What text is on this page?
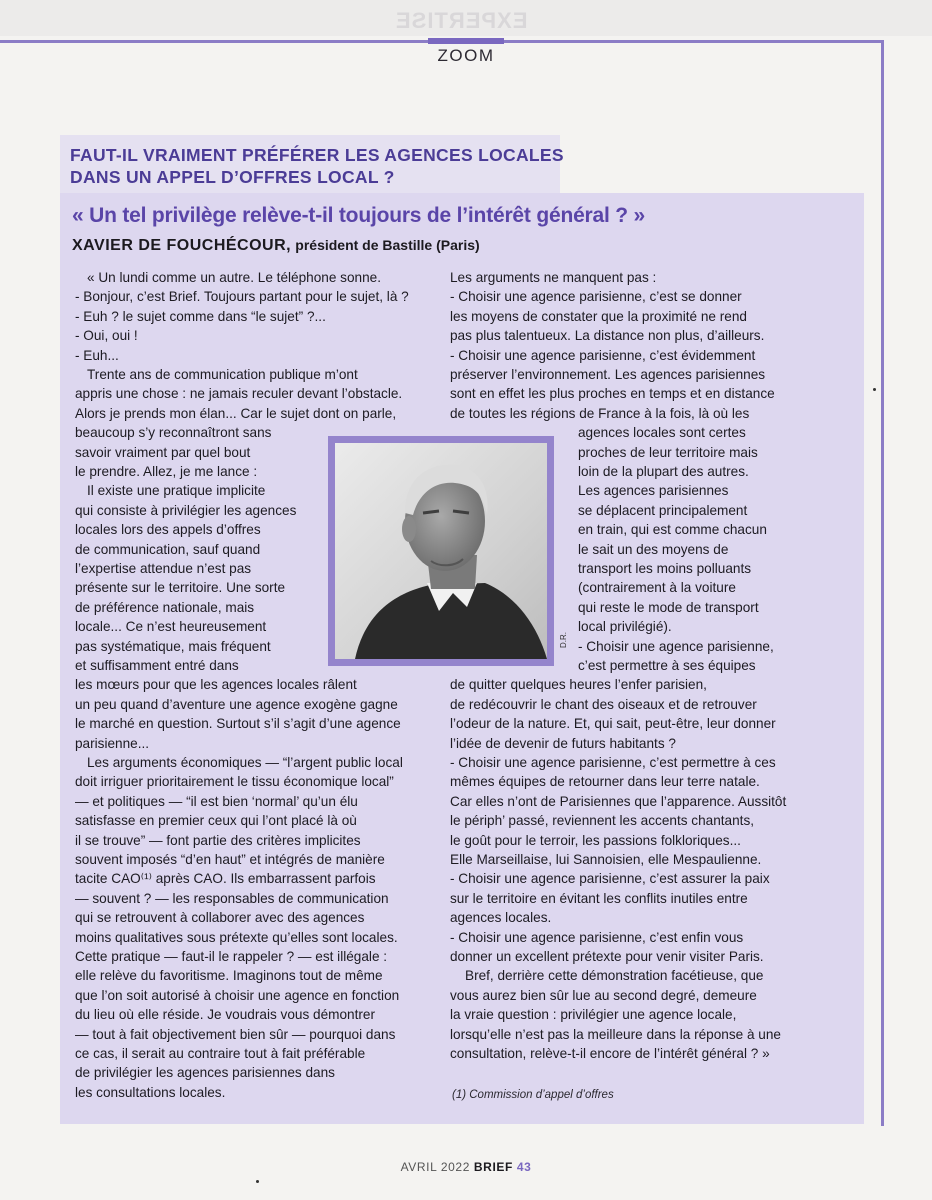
EXPERTISE
ZOOM
FAUT-IL VRAIMENT PRÉFÉRER LES AGENCES LOCALES
DANS UN APPEL D’OFFRES LOCAL ?
« Un tel privilège relève-t-il toujours de l’intérêt général ? »
XAVIER DE FOUCHÉCOUR, président de Bastille (Paris)
D.R.
« Un lundi comme un autre. Le téléphone sonne.
- Bonjour, c’est Brief. Toujours partant pour le sujet, là ?
- Euh ? le sujet comme dans “le sujet” ?...
- Oui, oui !
- Euh...
Trente ans de communication publique m’ont
appris une chose : ne jamais reculer devant l’obstacle.
Alors je prends mon élan... Car le sujet dont on parle,
beaucoup s’y reconnaîtront sans
savoir vraiment par quel bout
le prendre. Allez, je me lance :
Il existe une pratique implicite
qui consiste à privilégier les agences
locales lors des appels d’offres
de communication, sauf quand
l’expertise attendue n’est pas
présente sur le territoire. Une sorte
de préférence nationale, mais
locale... Ce n’est heureusement
pas systématique, mais fréquent
et suffisamment entré dans
les mœurs pour que les agences locales râlent
un peu quand d’aventure une agence exogène gagne
le marché en question. Surtout s’il s’agit d’une agence
parisienne...
Les arguments économiques — “l’argent public local
doit irriguer prioritairement le tissu économique local”
— et politiques — “il est bien ‘normal’ qu’un élu
satisfasse en premier ceux qui l’ont placé là où
il se trouve” — font partie des critères implicites
souvent imposés “d’en haut” et intégrés de manière
tacite CAO⁽¹⁾ après CAO. Ils embarrassent parfois
— souvent ? — les responsables de communication
qui se retrouvent à collaborer avec des agences
moins qualitatives sous prétexte qu’elles sont locales.
Cette pratique — faut-il le rappeler ? — est illégale :
elle relève du favoritisme. Imaginons tout de même
que l’on soit autorisé à choisir une agence en fonction
du lieu où elle réside. Je voudrais vous démontrer
— tout à fait objectivement bien sûr — pourquoi dans
ce cas, il serait au contraire tout à fait préférable
de privilégier les agences parisiennes dans
les consultations locales.
Les arguments ne manquent pas :
- Choisir une agence parisienne, c’est se donner
les moyens de constater que la proximité ne rend
pas plus talentueux. La distance non plus, d’ailleurs.
- Choisir une agence parisienne, c’est évidemment
préserver l’environnement. Les agences parisiennes
sont en effet les plus proches en temps et en distance
de toutes les régions de France à la fois, là où les
agences locales sont certes
proches de leur territoire mais
loin de la plupart des autres.
Les agences parisiennes
se déplacent principalement
en train, qui est comme chacun
le sait un des moyens de
transport les moins polluants
(contrairement à la voiture
qui reste le mode de transport
local privilégié).
- Choisir une agence parisienne,
c’est permettre à ses équipes
de quitter quelques heures l’enfer parisien,
de redécouvrir le chant des oiseaux et de retrouver
l’odeur de la nature. Et, qui sait, peut-être, leur donner
l’idée de devenir de futurs habitants ?
- Choisir une agence parisienne, c’est permettre à ces
mêmes équipes de retourner dans leur terre natale.
Car elles n’ont de Parisiennes que l’apparence. Aussitôt
le périph’ passé, reviennent les accents chantants,
le goût pour le terroir, les passions folkloriques...
Elle Marseillaise, lui Sannoisien, elle Mespaulienne.
- Choisir une agence parisienne, c’est assurer la paix
sur le territoire en évitant les conflits inutiles entre
agences locales.
- Choisir une agence parisienne, c’est enfin vous
donner un excellent prétexte pour venir visiter Paris.
Bref, derrière cette démonstration facétieuse, que
vous aurez bien sûr lue au second degré, demeure
la vraie question : privilégier une agence locale,
lorsqu’elle n’est pas la meilleure dans la réponse à une
consultation, relève-t-il encore de l’intérêt général ? »
(1) Commission d’appel d’offres
AVRIL 2022 BRIEF 43
